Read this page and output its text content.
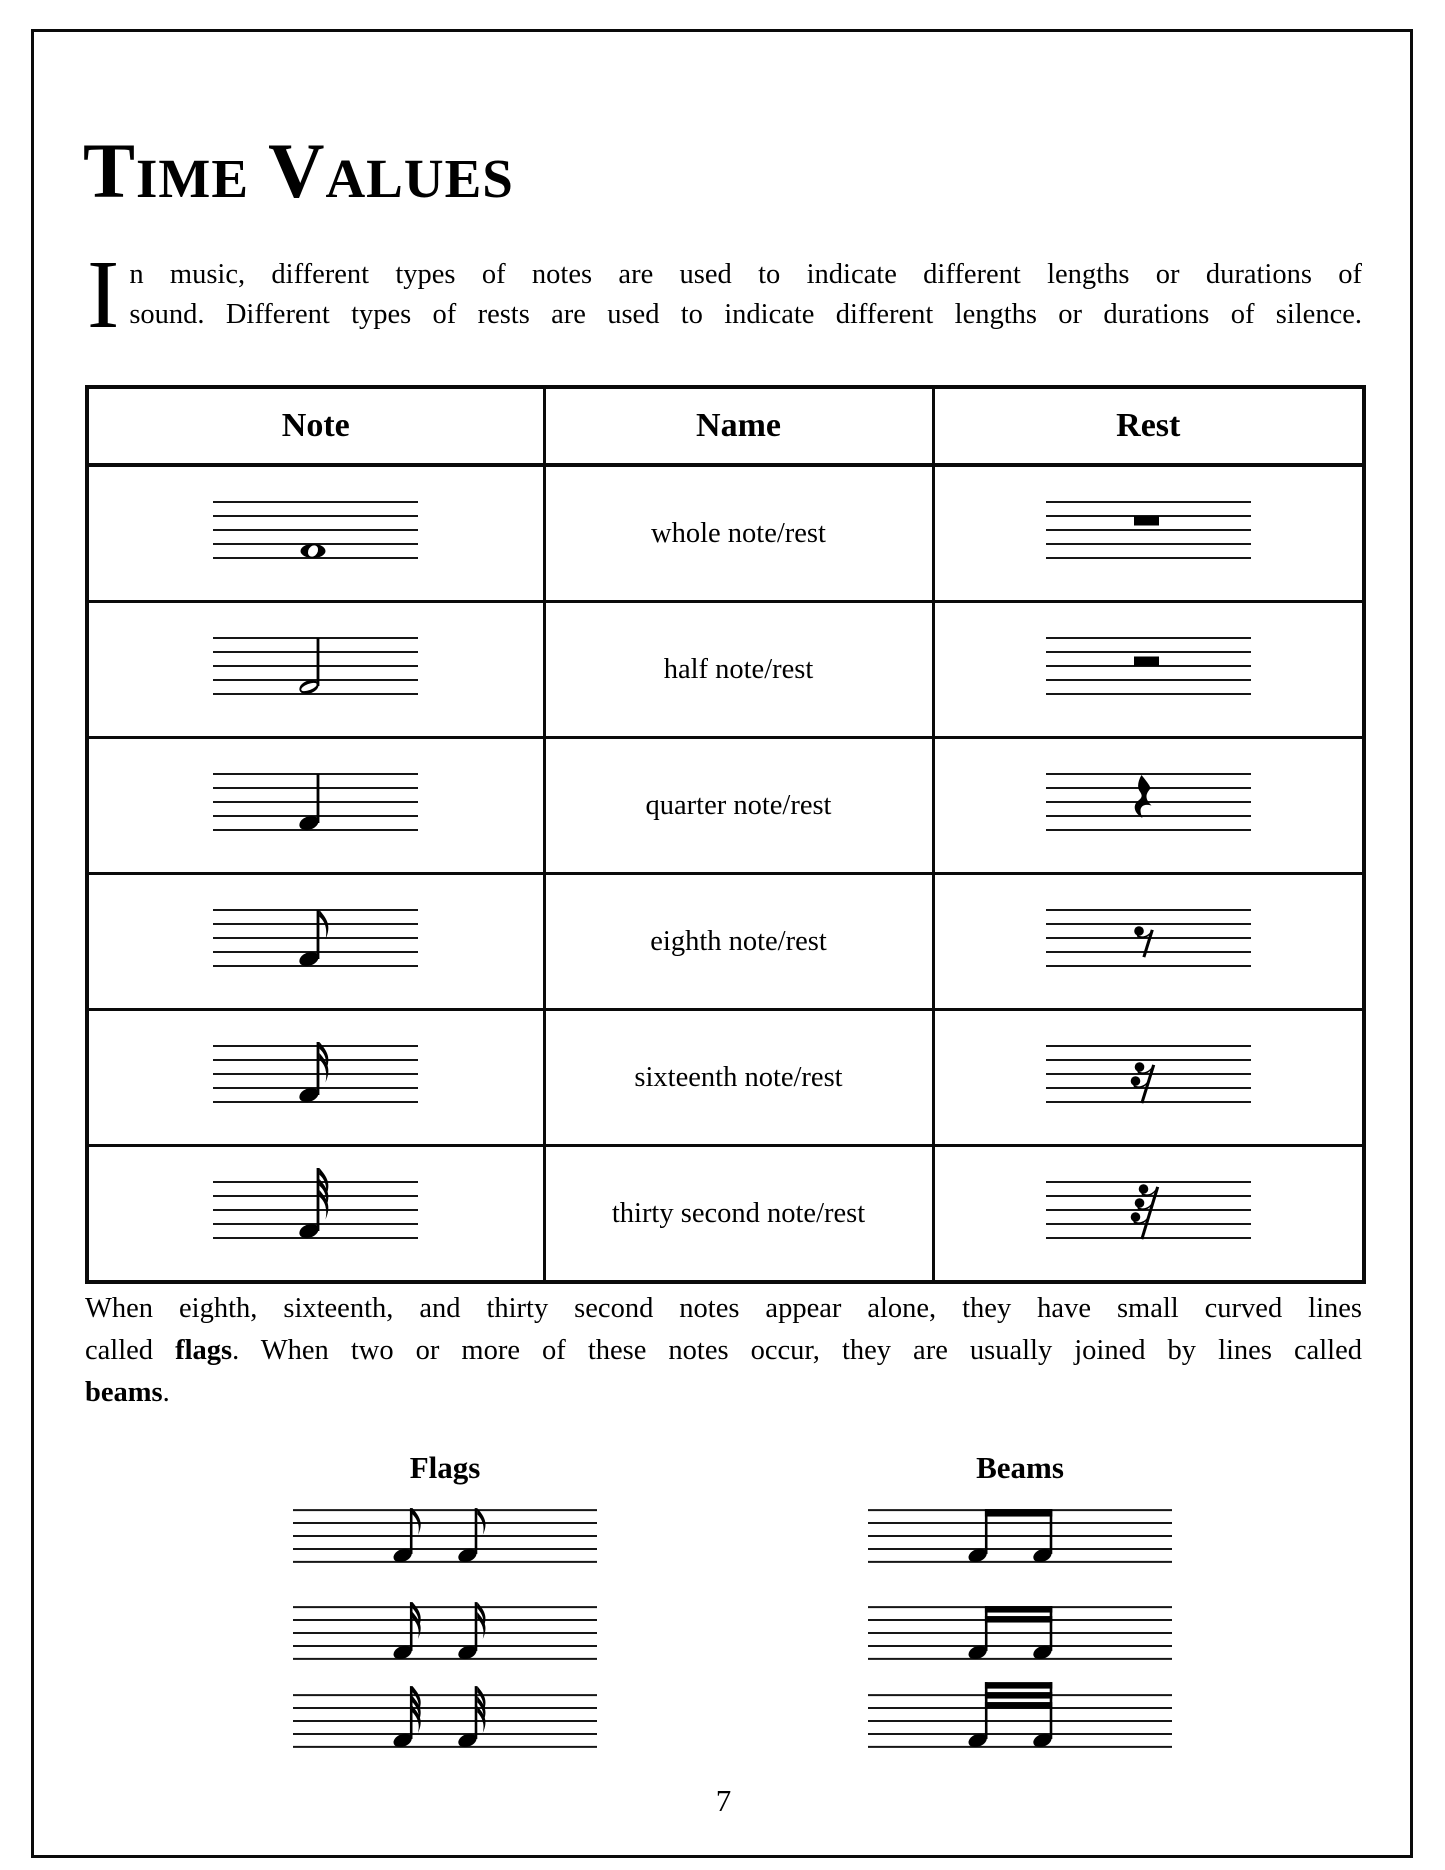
Time Values

I n music, different types of notes are used to indicate different lengths or durations of
sound. Different types of rests are used to indicate different lengths or durations of silence.

Note	Name	Rest
	whole note/rest	
	half note/rest	
	quarter note/rest	
	eighth note/rest	
	sixteenth note/rest	
	thirty second note/rest	
When eighth, sixteenth, and thirty second notes appear alone, they have small curved lines
called flags. When two or more of these notes occur, they are usually joined by lines called
beams.
Flags	Beams
7
